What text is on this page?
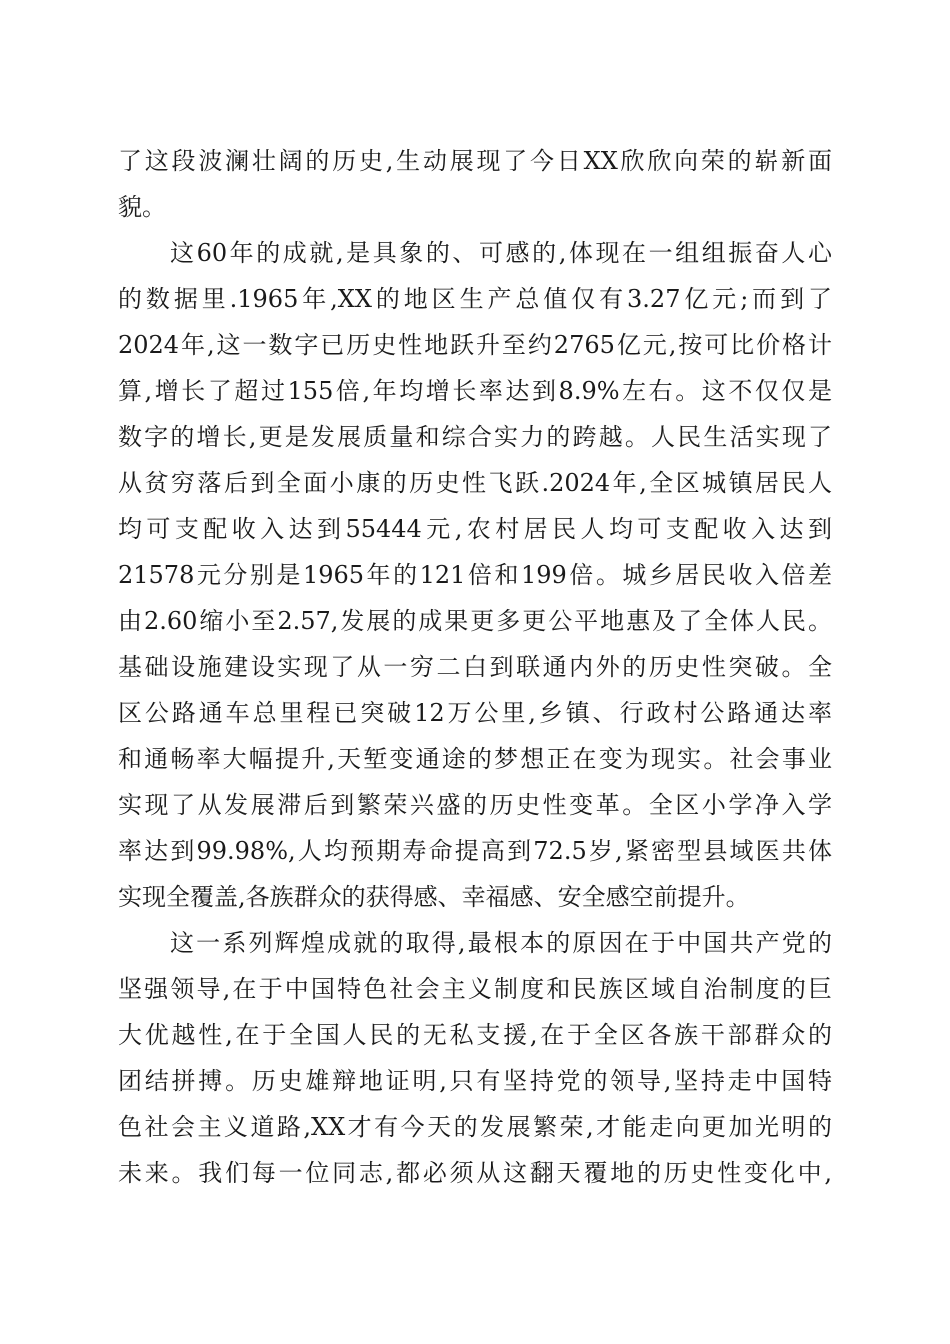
了这段波澜壮阔的历史,生动展现了今日XX欣欣向荣的崭新面
貌。
这60年的成就,是具象的、可感的,体现在一组组振奋人心
的数据里.1965年,XX的地区生产总值仅有3.27亿元;而到了
2024年,这一数字已历史性地跃升至约2765亿元,按可比价格计
算,增长了超过155倍,年均增长率达到8.9%左右。这不仅仅是
数字的增长,更是发展质量和综合实力的跨越。人民生活实现了
从贫穷落后到全面小康的历史性飞跃.2024年,全区城镇居民人
均可支配收入达到55444元,农村居民人均可支配收入达到
21578元分别是1965年的121倍和199倍。城乡居民收入倍差
由2.60缩小至2.57,发展的成果更多更公平地惠及了全体人民。
基础设施建设实现了从一穷二白到联通内外的历史性突破。全
区公路通车总里程已突破12万公里,乡镇、行政村公路通达率
和通畅率大幅提升,天堑变通途的梦想正在变为现实。社会事业
实现了从发展滞后到繁荣兴盛的历史性变革。全区小学净入学
率达到99.98%,人均预期寿命提高到72.5岁,紧密型县域医共体
实现全覆盖,各族群众的获得感、幸福感、安全感空前提升。
这一系列辉煌成就的取得,最根本的原因在于中国共产党的
坚强领导,在于中国特色社会主义制度和民族区域自治制度的巨
大优越性,在于全国人民的无私支援,在于全区各族干部群众的
团结拼搏。历史雄辩地证明,只有坚持党的领导,坚持走中国特
色社会主义道路,XX才有今天的发展繁荣,才能走向更加光明的
未来。我们每一位同志,都必须从这翻天覆地的历史性变化中,
